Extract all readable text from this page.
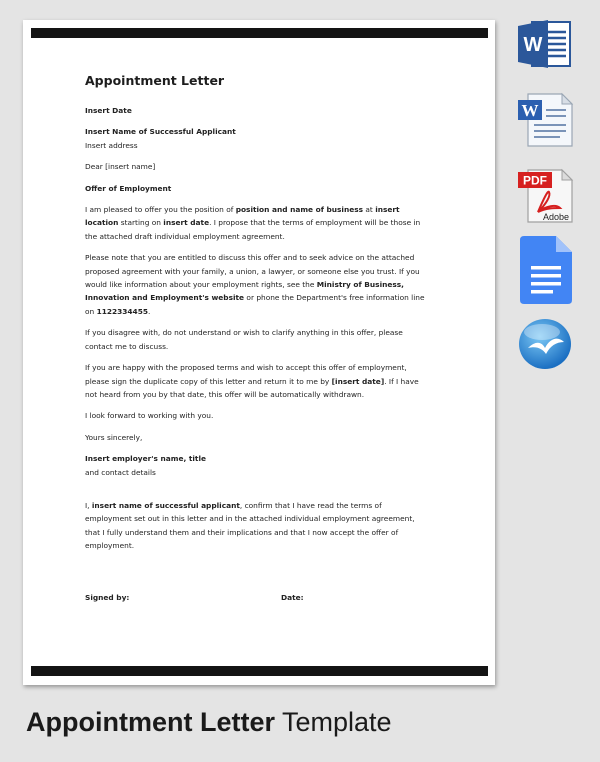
Appointment Letter

Insert Date

Insert Name of Successful Applicant
Insert address

Dear [insert name]

Offer of Employment

I am pleased to offer you the position of position and name of business at insert location starting on insert date. I propose that the terms of employment will be those in the attached draft individual employment agreement.

Please note that you are entitled to discuss this offer and to seek advice on the attached proposed agreement with your family, a union, a lawyer, or someone else you trust. If you would like information about your employment rights, see the Ministry of Business, Innovation and Employment's website or phone the Department's free information line on 1122334455.

If you disagree with, do not understand or wish to clarify anything in this offer, please contact me to discuss.

If you are happy with the proposed terms and wish to accept this offer of employment, please sign the duplicate copy of this letter and return it to me by [insert date]. If I have not heard from you by that date, this offer will be automatically withdrawn.

I look forward to working with you.

Yours sincerely,

Insert employer's name, title
and contact details

I, insert name of successful applicant, confirm that I have read the terms of employment set out in this letter and in the attached individual employment agreement, that I fully understand them and their implications and that I now accept the offer of employment.

Signed by:	Date:
W
W
PDF
Adobe
Appointment Letter Template
